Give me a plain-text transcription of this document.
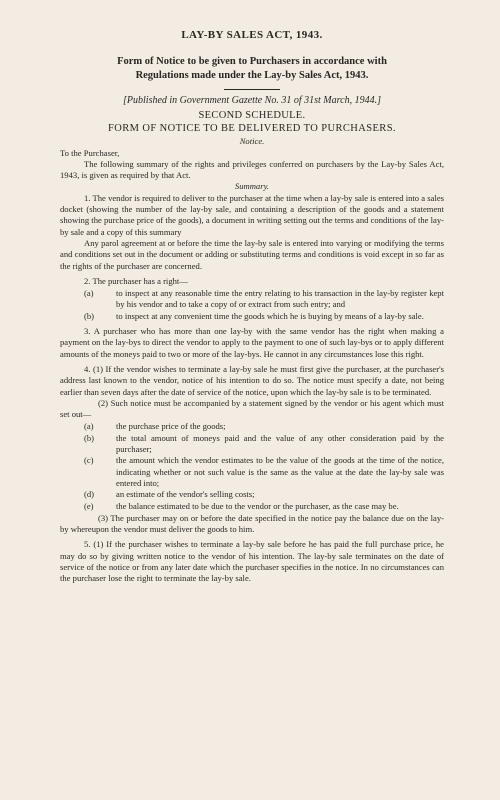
LAY-BY SALES ACT, 1943.
Form of Notice to be given to Purchasers in accordance with
Regulations made under the Lay-by Sales Act, 1943.
[Published in Government Gazette No. 31 of 31st March, 1944.]
SECOND SCHEDULE.
FORM OF NOTICE TO BE DELIVERED TO PURCHASERS.
Notice.

To the Purchaser,

The following summary of the rights and privileges conferred on purchasers by the Lay-by Sales Act, 1943, is given as required by that Act.

Summary.

1. The vendor is required to deliver to the purchaser at the time when a lay-by sale is entered into a sales docket (showing the number of the lay-by sale, and containing a description of the goods and a statement showing the purchase price of the goods), a document in writing setting out the terms and conditions of the lay-by sale and a copy of this summary

Any parol agreement at or before the time the lay-by sale is entered into varying or modifying the terms and conditions set out in the document or adding or substituting terms and conditions is void except in so far as the rights of the purchaser are concerned.

2. The purchaser has a right—

(a)	to inspect at any reasonable time the entry relating to his transaction in the lay-by register kept by his vendor and to take a copy of or extract from such entry; and
(b)	to inspect at any convenient time the goods which he is buying by means of a lay-by sale.

3. A purchaser who has more than one lay-by with the same vendor has the right when making a payment on the lay-bys to direct the vendor to apply to the payment to one of such lay-bys or to apply different amounts of the moneys paid to two or more of the lay-bys. He cannot in any circumstances lose this right.

4. (1) If the vendor wishes to terminate a lay-by sale he must first give the purchaser, at the purchaser's address last known to the vendor, notice of his intention to do so. The notice must specify a date, not being earlier than seven days after the date of service of the notice, upon which the lay-by sale is to be terminated.

(2) Such notice must be accompanied by a statement signed by the vendor or his agent which must set out—

(a)	the purchase price of the goods;
(b)	the total amount of moneys paid and the value of any other consideration paid by the purchaser;
(c)	the amount which the vendor estimates to be the value of the goods at the time of the notice, indicating whether or not such value is the same as the value at the date the lay-by sale was entered into;
(d)	an estimate of the vendor's selling costs;
(e)	the balance estimated to be due to the vendor or the purchaser, as the case may be.

(3) The purchaser may on or before the date specified in the notice pay the balance due on the lay-by whereupon the vendor must deliver the goods to him.

5. (1) If the purchaser wishes to terminate a lay-by sale before he has paid the full purchase price, he may do so by giving written notice to the vendor of his intention. The lay-by sale terminates on the date of service of the notice or from any later date which the purchaser specifies in the notice. In no circumstances can the purchaser lose the right to terminate the lay-by sale.
